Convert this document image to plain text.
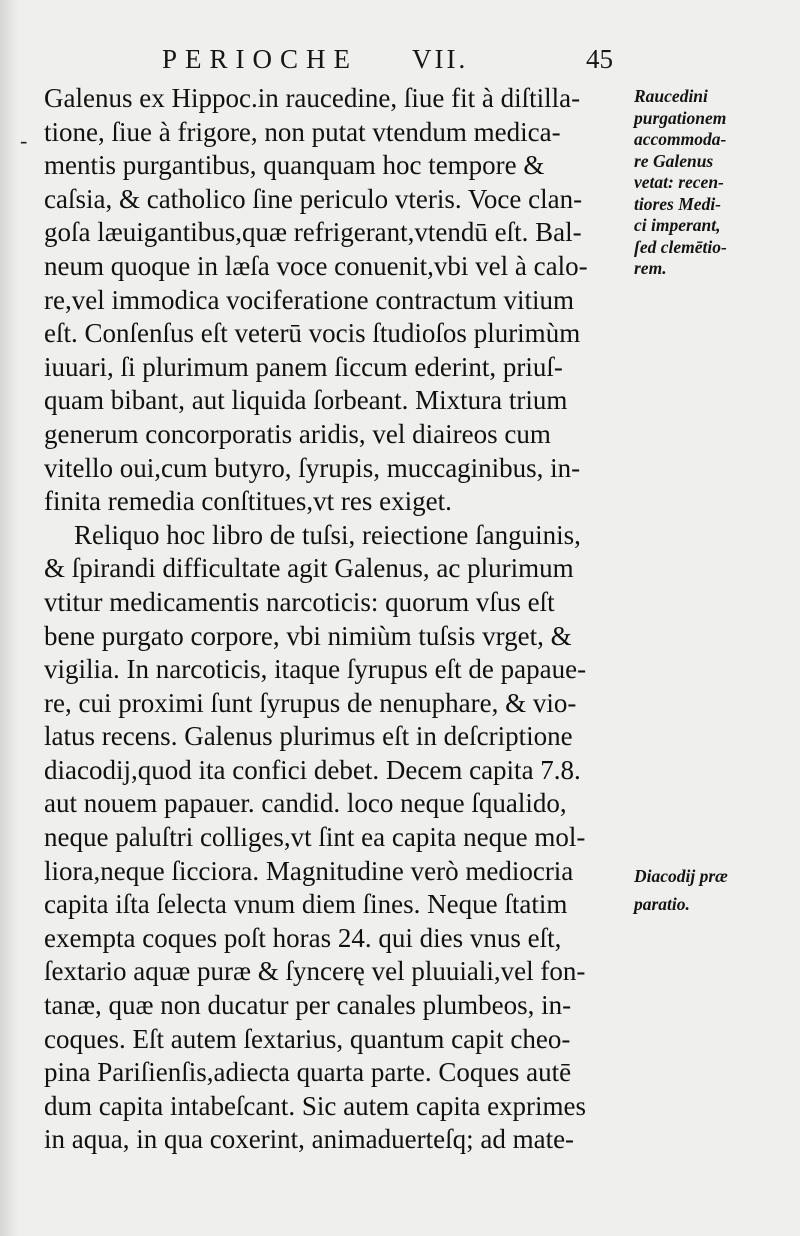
PERIOCHE VII.	45
-
Galenus ex Hippoc.in raucedine, ſiue fit à diſtilla-
tione, ſiue à frigore, non putat vtendum medica-
mentis purgantibus, quanquam hoc tempore &
caſsia, & catholico ſine periculo vteris. Voce clan-
goſa læuigantibus,quæ refrigerant,vtendū eſt. Bal-
neum quoque in læſa voce conuenit,vbi vel à calo-
re,vel immodica vociferatione contractum vitium
eſt. Conſenſus eſt veterū vocis ſtudioſos plurimùm
iuuari, ſi plurimum panem ſiccum ederint, priuſ-
quam bibant, aut liquida ſorbeant. Mixtura trium
generum concorporatis aridis, vel diaireos cum
vitello oui,cum butyro, ſyrupis, muccaginibus, in-
finita remedia conſtitues,vt res exiget.
Reliquo hoc libro de tuſsi, reiectione ſanguinis,
& ſpirandi difficultate agit Galenus, ac plurimum
vtitur medicamentis narcoticis: quorum vſus eſt
bene purgato corpore, vbi nimiùm tuſsis vrget, &
vigilia. In narcoticis, itaque ſyrupus eſt de papaue-
re, cui proximi ſunt ſyrupus de nenuphare, & vio-
latus recens. Galenus plurimus eſt in deſcriptione
diacodij,quod ita confici debet. Decem capita 7.8.
aut nouem papauer. candid. loco neque ſqualido,
neque paluſtri colliges,vt ſint ea capita neque mol-
liora,neque ſicciora. Magnitudine verò mediocria
capita iſta ſelecta vnum diem ſines. Neque ſtatim
exempta coques poſt horas 24. qui dies vnus eſt,
ſextario aquæ puræ & ſyncerę vel pluuiali,vel fon-
tanæ, quæ non ducatur per canales plumbeos, in-
coques. Eſt autem ſextarius, quantum capit cheo-
pina Pariſienſis,adiecta quarta parte. Coques autē
dum capita intabeſcant. Sic autem capita exprimes
in aqua, in qua coxerint, animaduerteſq; ad mate-
Raucedini
purgationem
accommoda-
re Galenus
vetat: recen-
tiores Medi-
ci imperant,
ſed clemētio-
rem.
Diacodij præ
paratio.
